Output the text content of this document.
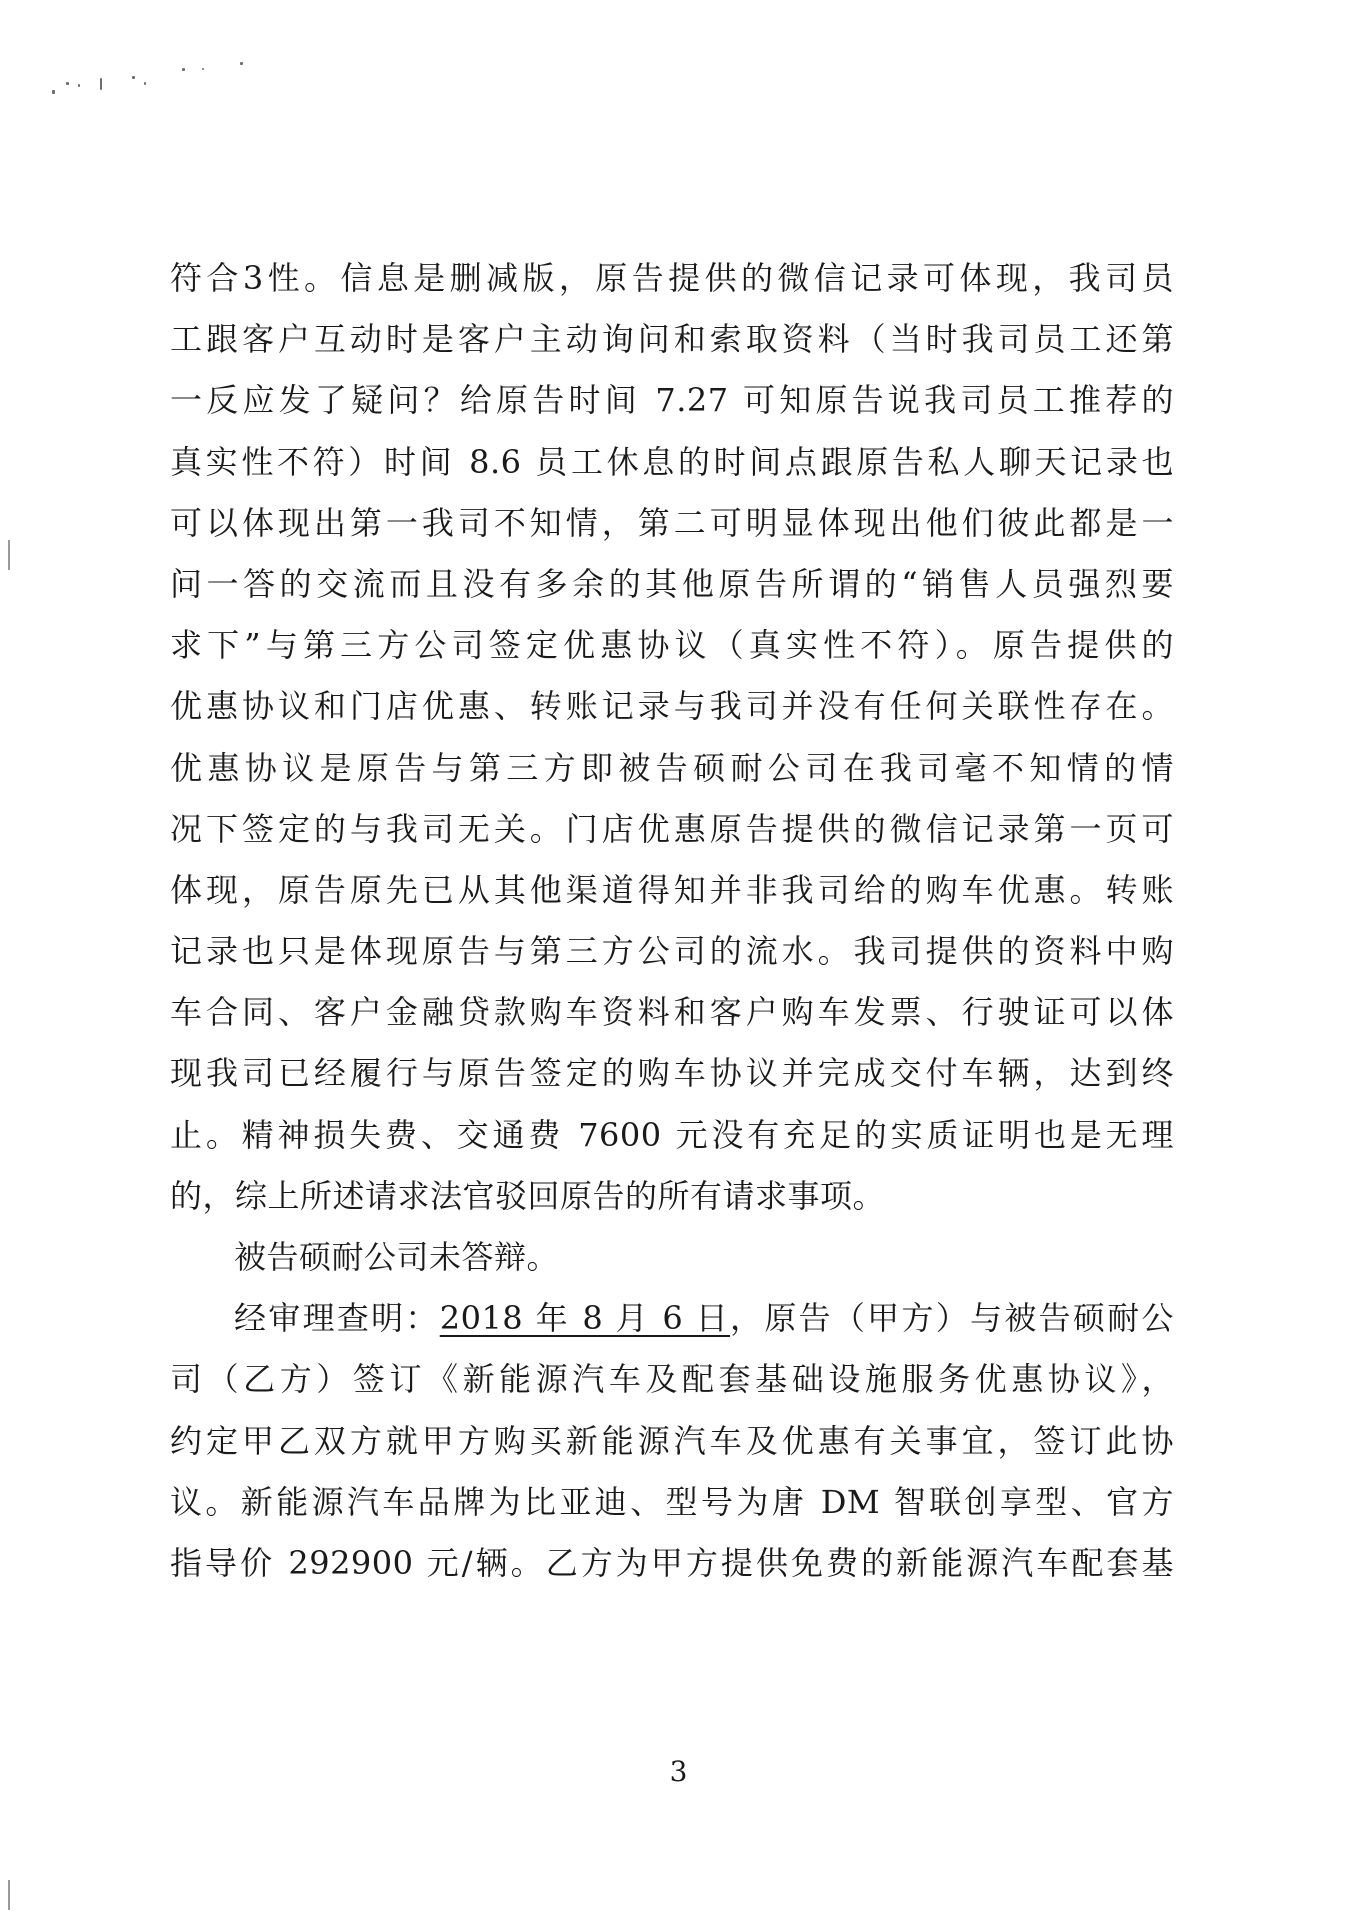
符合3性。信息是删减版，原告提供的微信记录可体现，我司员
工跟客户互动时是客户主动询问和索取资料（当时我司员工还第
一反应发了疑问？给原告时间 7.27 可知原告说我司员工推荐的
真实性不符）时间 8.6 员工休息的时间点跟原告私人聊天记录也
可以体现出第一我司不知情，第二可明显体现出他们彼此都是一
问一答的交流而且没有多余的其他原告所谓的“销售人员强烈要
求下”与第三方公司签定优惠协议（真实性不符）。原告提供的
优惠协议和门店优惠、转账记录与我司并没有任何关联性存在。
优惠协议是原告与第三方即被告硕耐公司在我司毫不知情的情
况下签定的与我司无关。门店优惠原告提供的微信记录第一页可
体现，原告原先已从其他渠道得知并非我司给的购车优惠。转账
记录也只是体现原告与第三方公司的流水。我司提供的资料中购
车合同、客户金融贷款购车资料和客户购车发票、行驶证可以体
现我司已经履行与原告签定的购车协议并完成交付车辆，达到终
止。精神损失费、交通费 7600 元没有充足的实质证明也是无理
的，综上所述请求法官驳回原告的所有请求事项。
被告硕耐公司未答辩。
经审理查明：2018 年 8 月 6 日，原告（甲方）与被告硕耐公
司（乙方）签订《新能源汽车及配套基础设施服务优惠协议》，
约定甲乙双方就甲方购买新能源汽车及优惠有关事宜，签订此协
议。新能源汽车品牌为比亚迪、型号为唐 DM 智联创享型、官方
指导价 292900 元/辆。乙方为甲方提供免费的新能源汽车配套基
3
